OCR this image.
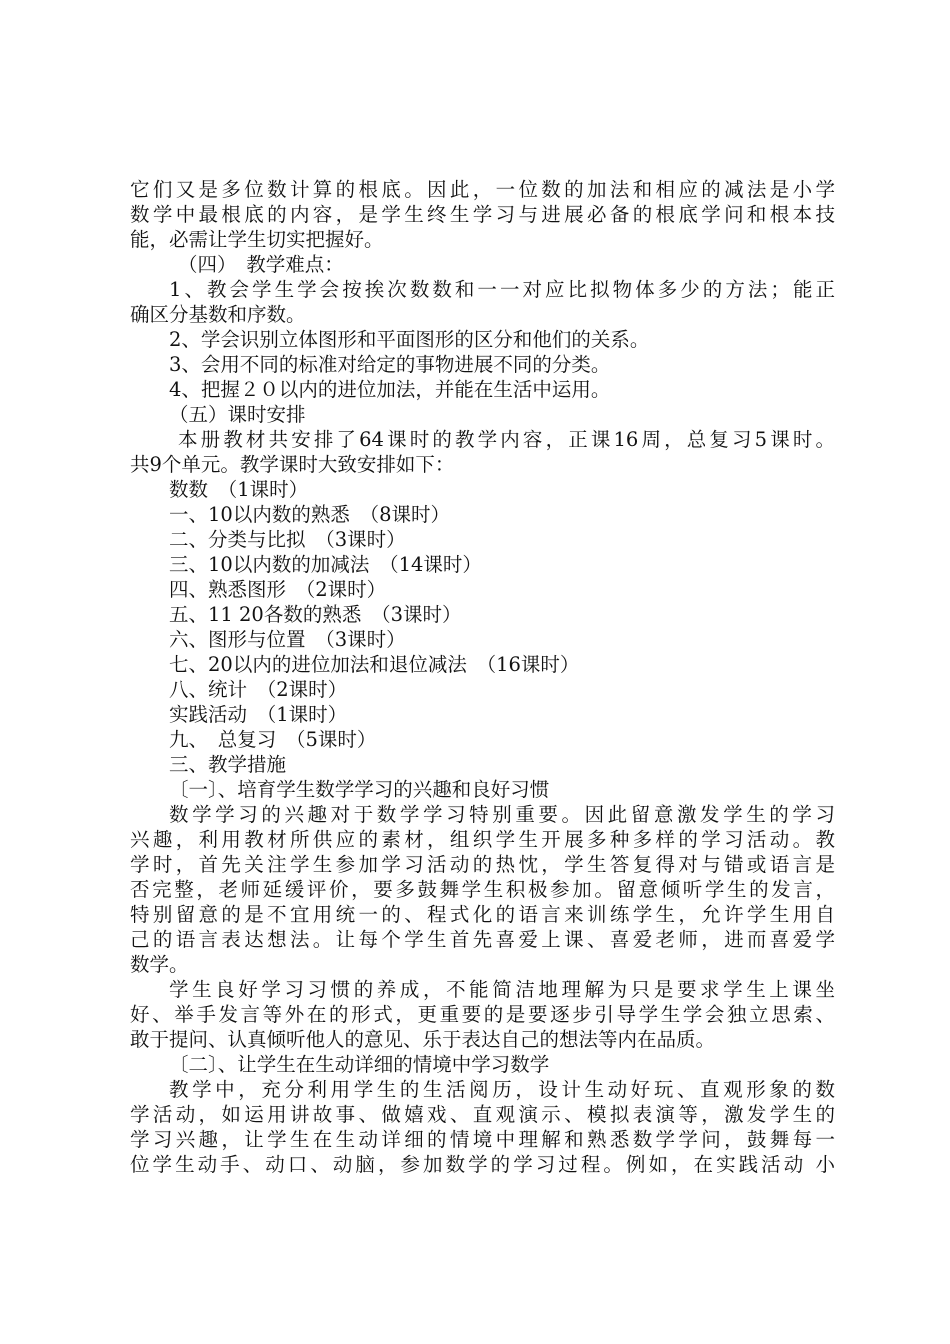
它们又是多位数计算的根底。因此，一位数的加法和相应的减法是小学
数学中最根底的内容，是学生终生学习与进展必备的根底学问和根本技
能，必需让学生切实把握好。
（四）　教学难点：
1、教会学生学会按挨次数数和一一对应比拟物体多少的方法；能正
确区分基数和序数。
2、学会识别立体图形和平面图形的区分和他们的关系。
3、会用不同的标准对给定的事物进展不同的分类。
4、把握２０以内的进位加法，并能在生活中运用。
（五）课时安排
本册教材共安排了64课时的教学内容，正课16周，总复习5课时。
共9个单元。教学课时大致安排如下：
数数　（1课时）
一、10以内数的熟悉　（8课时）
二、分类与比拟　（3课时）
三、10以内数的加减法　（14课时）
四、熟悉图形　（2课时）
五、11 20各数的熟悉　（3课时）
六、图形与位置　（3课时）
七、20以内的进位加法和退位减法　（16课时）
八、统计　（2课时）
实践活动　（1课时）
九、　总复习　（5课时）
三、教学措施
〔一〕、培育学生数学学习的兴趣和良好习惯
数学学习的兴趣对于数学学习特别重要。因此留意激发学生的学习
兴趣，利用教材所供应的素材，组织学生开展多种多样的学习活动。教
学时，首先关注学生参加学习活动的热忱，学生答复得对与错或语言是
否完整，老师延缓评价，要多鼓舞学生积极参加。留意倾听学生的发言，
特别留意的是不宜用统一的、程式化的语言来训练学生，允许学生用自
己的语言表达想法。让每个学生首先喜爱上课、喜爱老师，进而喜爱学
数学。
学生良好学习习惯的养成，不能简洁地理解为只是要求学生上课坐
好、举手发言等外在的形式，更重要的是要逐步引导学生学会独立思索、
敢于提问、认真倾听他人的意见、乐于表达自己的想法等内在品质。
〔二〕、让学生在生动详细的情境中学习数学
教学中，充分利用学生的生活阅历，设计生动好玩、直观形象的数
学活动，如运用讲故事、做嬉戏、直观演示、模拟表演等，激发学生的
学习兴趣，让学生在生动详细的情境中理解和熟悉数学学问，鼓舞每一
位学生动手、动口、动脑，参加数学的学习过程。例如，在实践活动 小
